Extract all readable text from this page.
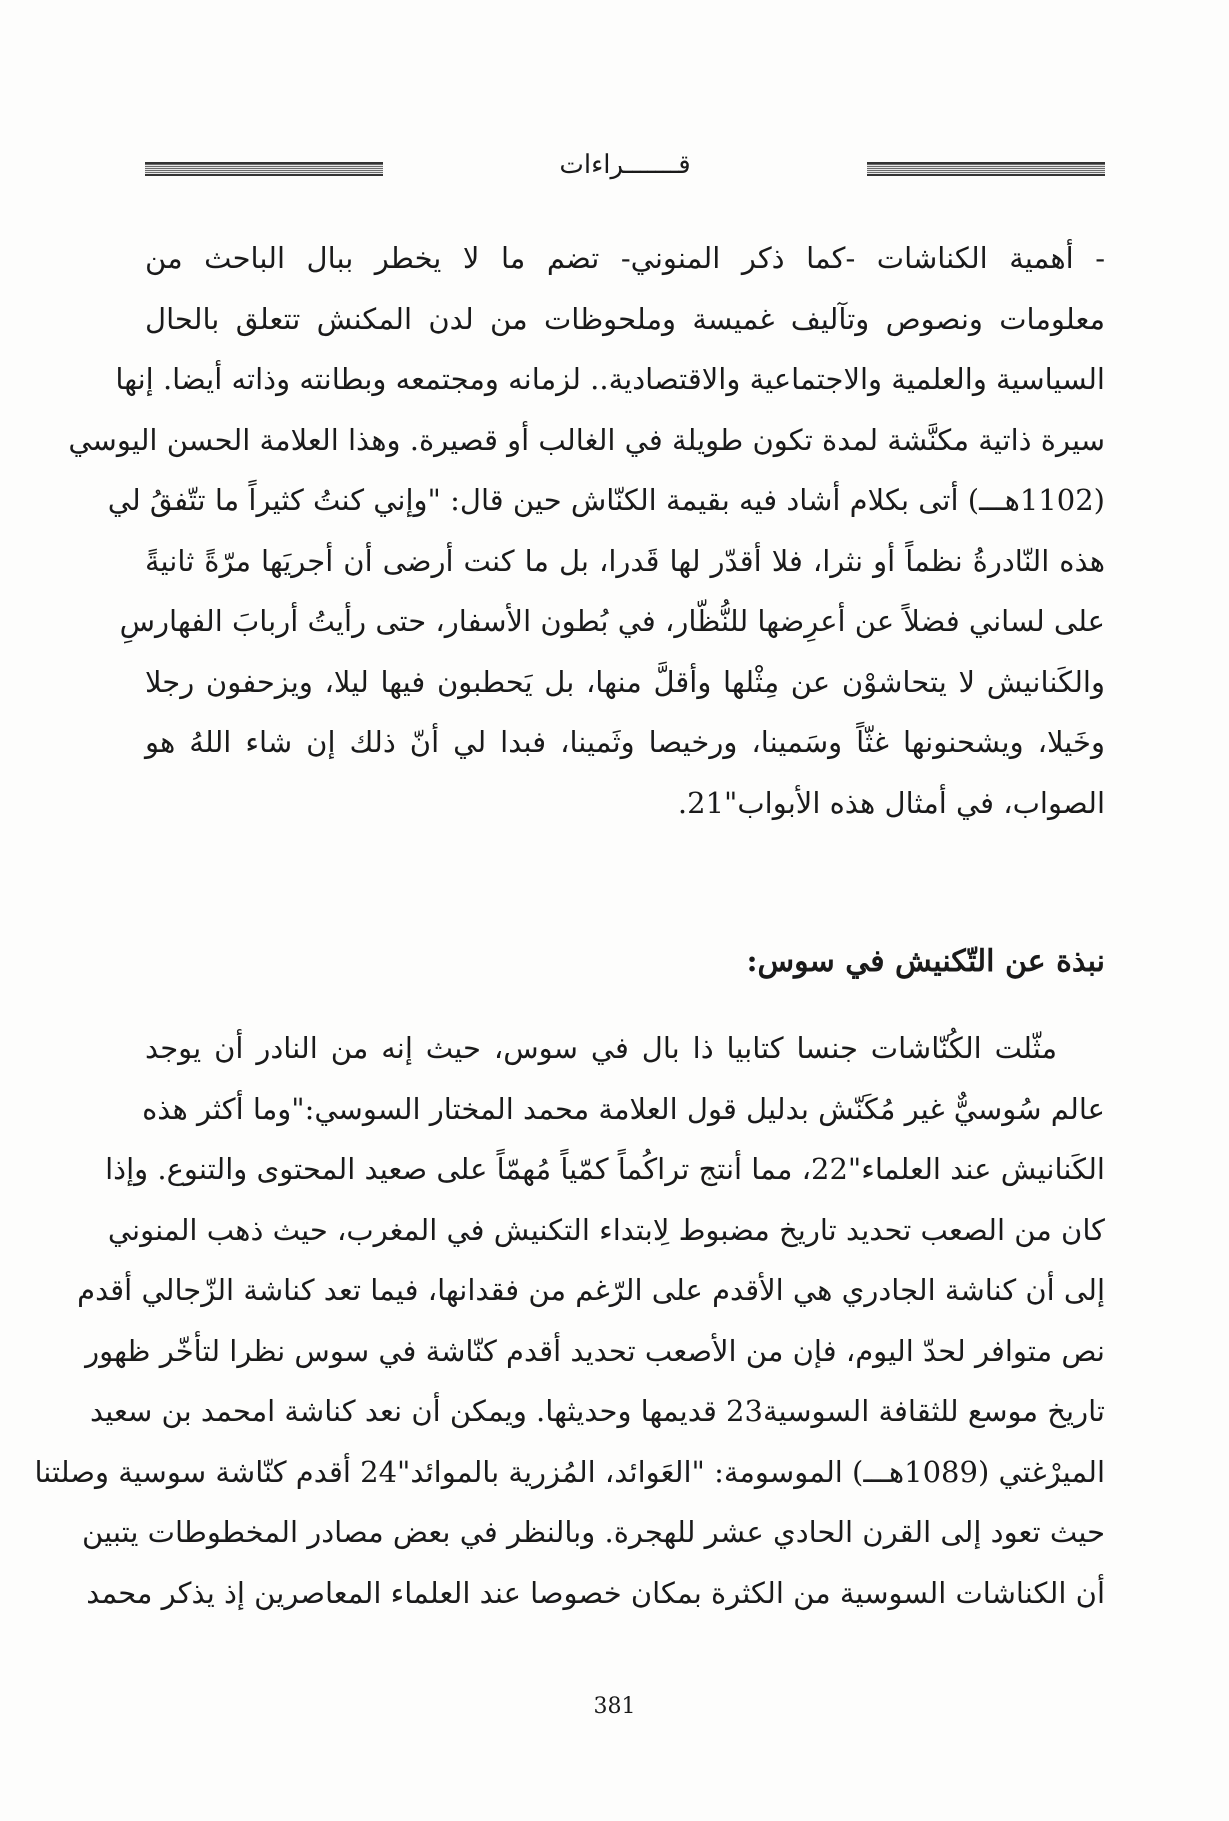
قـــــــراءات
- أهمية الكناشات -كما ذكر المنوني- تضم ما لا يخطر ببال الباحث من
معلومات ونصوص وتآليف غميسة وملحوظات من لدن المكنش تتعلق بالحال
السياسية والعلمية والاجتماعية والاقتصادية.. لزمانه ومجتمعه وبطانته وذاته أيضا. إنها
سيرة ذاتية مكنَّشة لمدة تكون طويلة في الغالب أو قصيرة. وهذا العلامة الحسن اليوسي
(1102هـــ) أتى بكلام أشاد فيه بقيمة الكنّاش حين قال: "وإني كنتُ كثيراً ما تتّفقُ لي
هذه النّادرةُ نظماً أو نثرا، فلا أقدّر لها قَدرا، بل ما كنت أرضى أن أجريَها مرّةً ثانيةً
على لساني فضلاً عن أعرِضها للنُّظّار، في بُطون الأسفار، حتى رأيتُ أربابَ الفهارسِ
والكَنانيش لا يتحاشوْن عن مِثْلها وأقلَّ منها، بل يَحطبون فيها ليلا، ويزحفون رجلا
وخَيلا، ويشحنونها غثّاً وسَمينا، ورخيصا وثَمينا، فبدا لي أنّ ذلك إن شاء اللهُ هو
الصواب، في أمثال هذه الأبواب"21.
نبذة عن التّكنيش في سوس:
مثّلت الكُنّاشات جنسا كتابيا ذا بال في سوس، حيث إنه من النادر أن يوجد
عالم سُوسيٌّ غير مُكَنّش بدليل قول العلامة محمد المختار السوسي:"وما أكثر هذه
الكَنانيش عند العلماء"22، مما أنتج تراكُماً كمّياً مُهمّاً على صعيد المحتوى والتنوع. وإذا
كان من الصعب تحديد تاريخ مضبوط لِابتداء التكنيش في المغرب، حيث ذهب المنوني
إلى أن كناشة الجادري هي الأقدم على الرّغم من فقدانها، فيما تعد كناشة الزّجالي أقدم
نص متوافر لحدّ اليوم، فإن من الأصعب تحديد أقدم كنّاشة في سوس نظرا لتأخّر ظهور
تاريخ موسع للثقافة السوسية23 قديمها وحديثها. ويمكن أن نعد كناشة امحمد بن سعيد
الميرْغتي (1089هـــ) الموسومة: "العَوائد، المُزرية بالموائد"24 أقدم كنّاشة سوسية وصلتنا
حيث تعود إلى القرن الحادي عشر للهجرة. وبالنظر في بعض مصادر المخطوطات يتبين
أن الكناشات السوسية من الكثرة بمكان خصوصا عند العلماء المعاصرين إذ يذكر محمد
381
